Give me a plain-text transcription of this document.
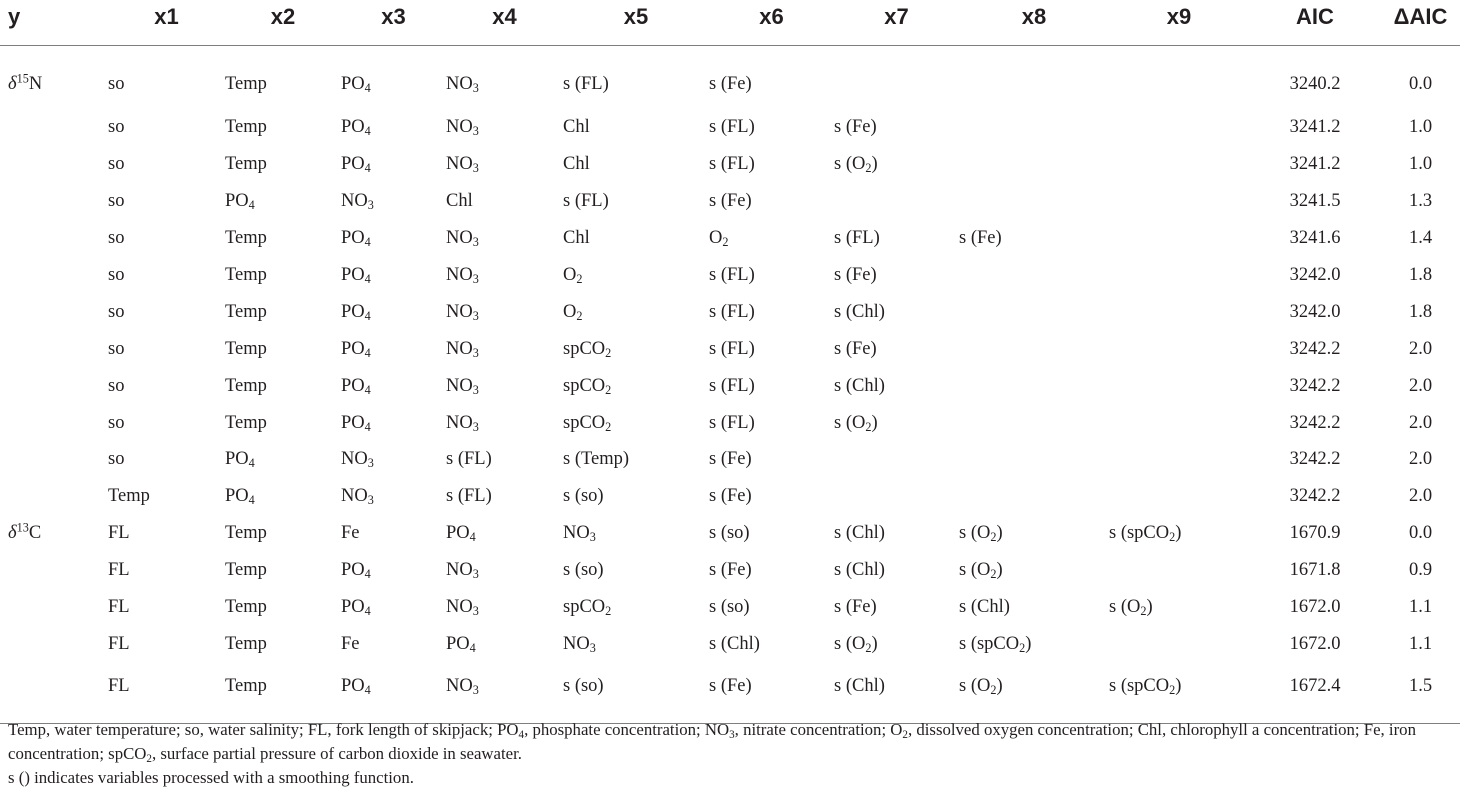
y	x1	x2	x3	x4	x5	x6	x7	x8	x9	AIC	ΔAIC
$\delta^{15}N$	so	Temp	$PO_4$	$NO_3$	s (FL)	s (Fe)				3240.2	0.0
	so	Temp	$PO_4$	$NO_3$	Chl	s (FL)	s (Fe)			3241.2	1.0
	so	Temp	$PO_4$	$NO_3$	Chl	s (FL)	s $(O_2)$			3241.2	1.0
	so	$PO_4$	$NO_3$	Chl	s (FL)	s (Fe)				3241.5	1.3
	so	Temp	$PO_4$	$NO_3$	Chl	$O_2$	s (FL)	s (Fe)		3241.6	1.4
	so	Temp	$PO_4$	$NO_3$	$O_2$	s (FL)	s (Fe)			3242.0	1.8
	so	Temp	$PO_4$	$NO_3$	$O_2$	s (FL)	s (Chl)			3242.0	1.8
	so	Temp	$PO_4$	$NO_3$	spCO$_2$	s (FL)	s (Fe)			3242.2	2.0
	so	Temp	$PO_4$	$NO_3$	spCO$_2$	s (FL)	s (Chl)			3242.2	2.0
	so	Temp	$PO_4$	$NO_3$	spCO$_2$	s (FL)	s $(O_2)$			3242.2	2.0
	so	$PO_4$	$NO_3$	s (FL)	s (Temp)	s (Fe)				3242.2	2.0
	Temp	$PO_4$	$NO_3$	s (FL)	s (so)	s (Fe)				3242.2	2.0
$\delta^{13}C$	FL	Temp	Fe	$PO_4$	$NO_3$	s (so)	s (Chl)	s $(O_2)$	s (spCO$_2$)	1670.9	0.0
	FL	Temp	$PO_4$	$NO_3$	s (so)	s (Fe)	s (Chl)	s $(O_2)$		1671.8	0.9
	FL	Temp	$PO_4$	$NO_3$	spCO$_2$	s (so)	s (Fe)	s (Chl)	s $(O_2)$	1672.0	1.1
	FL	Temp	Fe	$PO_4$	$NO_3$	s (Chl)	s $(O_2)$	s (spCO$_2$)		1672.0	1.1
	FL	Temp	$PO_4$	$NO_3$	s (so)	s (Fe)	s (Chl)	s $(O_2)$	s (spCO$_2$)	1672.4	1.5

Temp, water temperature; so, water salinity; FL, fork length of skipjack; $PO_4$, phosphate concentration; $NO_3$, nitrate concentration; $O_2$, dissolved oxygen concentration; Chl, chlorophyll a concentration; Fe, iron concentration; spCO$_2$, surface partial pressure of carbon dioxide in seawater.

s () indicates variables processed with a smoothing function.
